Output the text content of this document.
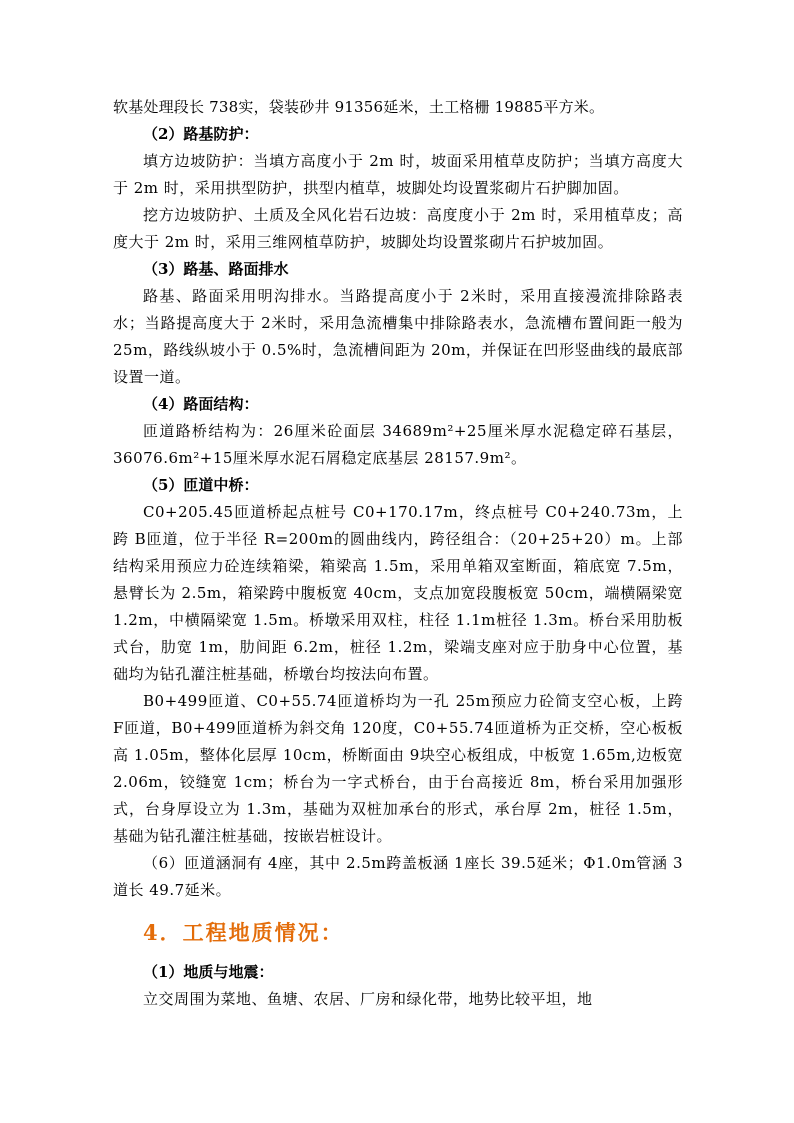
软基处理段长 738实，袋装砂井 91356延米，土工格栅 19885平方米。
（2）路基防护：
填方边坡防护：当填方高度小于 2m 时，坡面采用植草皮防护；当填方高度大于 2m 时，采用拱型防护，拱型内植草，坡脚处均设置浆砌片石护脚加固。
挖方边坡防护、土质及全风化岩石边坡：高度度小于 2m 时，采用植草皮；高度大于 2m 时，采用三维网植草防护，坡脚处均设置浆砌片石护坡加固。
（3）路基、路面排水
路基、路面采用明沟排水。当路提高度小于 2米时，采用直接漫流排除路表水；当路提高度大于 2米时，采用急流槽集中排除路表水，急流槽布置间距一般为 25m，路线纵坡小于 0.5%时，急流槽间距为 20m，并保证在凹形竖曲线的最底部设置一道。
（4）路面结构：
匝道路桥结构为：26厘米砼面层 34689m²+25厘米厚水泥稳定碎石基层，36076.6m²+15厘米厚水泥石屑稳定底基层 28157.9m²。
（5）匝道中桥：
C0+205.45匝道桥起点桩号 C0+170.17m，终点桩号 C0+240.73m，上跨 B匝道，位于半径 R=200m的圆曲线内，跨径组合：（20+25+20）m。上部结构采用预应力砼连续箱梁，箱梁高 1.5m，采用单箱双室断面，箱底宽 7.5m，悬臂长为 2.5m，箱梁跨中腹板宽 40cm，支点加宽段腹板宽 50cm，端横隔梁宽 1.2m，中横隔梁宽 1.5m。桥墩采用双柱，柱径 1.1m桩径 1.3m。桥台采用肋板式台，肋宽 1m，肋间距 6.2m，桩径 1.2m，梁端支座对应于肋身中心位置，基础均为钻孔灌注桩基础，桥墩台均按法向布置。
B0+499匝道、C0+55.74匝道桥均为一孔 25m预应力砼简支空心板，上跨 F匝道，B0+499匝道桥为斜交角 120度，C0+55.74匝道桥为正交桥，空心板板高 1.05m，整体化层厚 10cm，桥断面由 9块空心板组成，中板宽 1.65m,边板宽 2.06m，铰缝宽 1cm；桥台为一字式桥台，由于台高接近 8m，桥台采用加强形式，台身厚设立为 1.3m，基础为双桩加承台的形式，承台厚 2m，桩径 1.5m，基础为钻孔灌注桩基础，按嵌岩桩设计。
（6）匝道涵洞有 4座，其中 2.5m跨盖板涵 1座长 39.5延米；Φ1.0m管涵 3道长 49.7延米。
4．工程地质情况：
（1）地质与地震：
立交周围为菜地、鱼塘、农居、厂房和绿化带，地势比较平坦，地
